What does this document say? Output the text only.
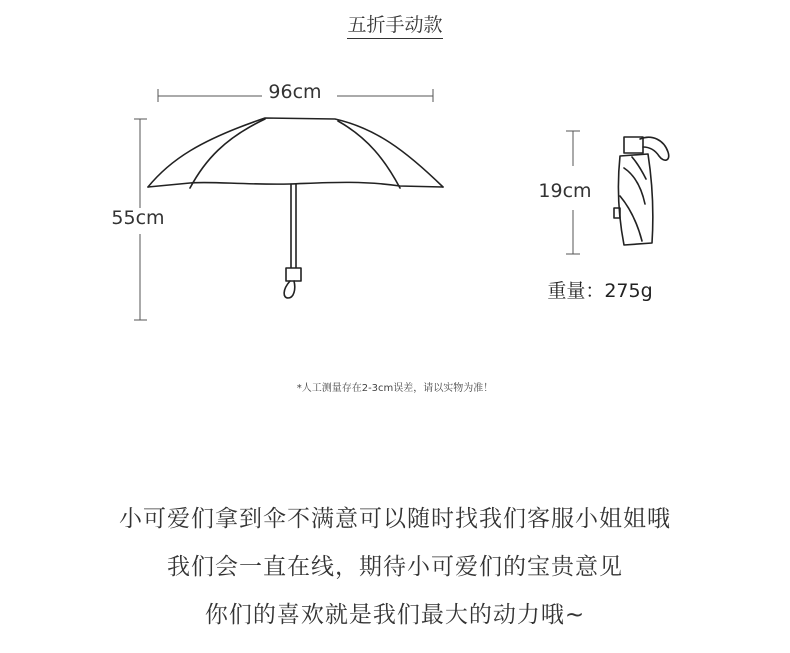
五折手动款
96cm
55cm
19cm
重量：275g
*人工测量存在2-3cm误差，请以实物为准！
小可爱们拿到伞不满意可以随时找我们客服小姐姐哦
我们会一直在线，期待小可爱们的宝贵意见
你们的喜欢就是我们最大的动力哦~
